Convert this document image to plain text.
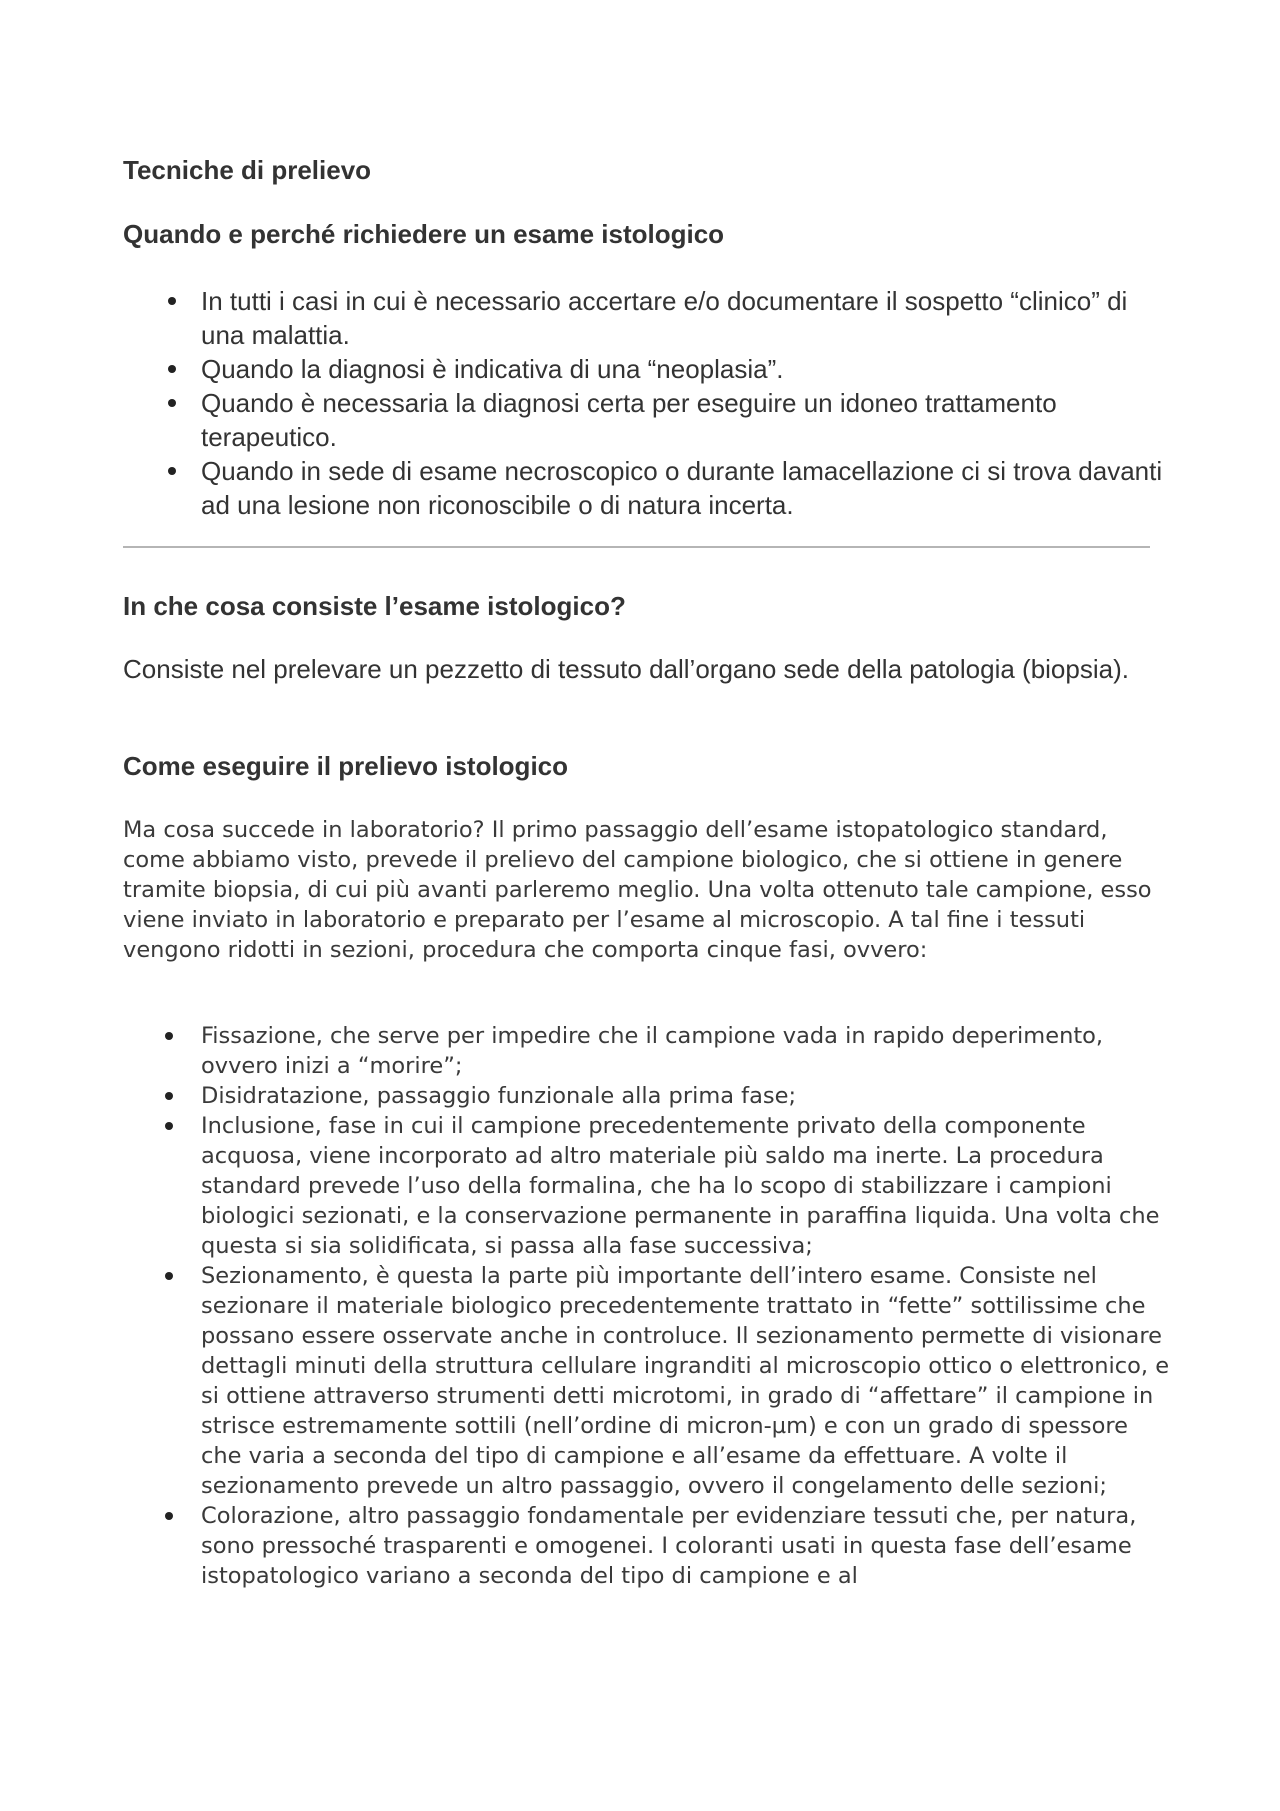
Tecniche di prelievo
Quando e perché richiedere un esame istologico
In tutti i casi in cui è necessario accertare e/o documentare il sospetto “clinico” di una malattia.
Quando la diagnosi è indicativa di una “neoplasia”.
Quando è necessaria la diagnosi certa per eseguire un idoneo trattamento terapeutico.
Quando in sede di esame necroscopico o durante lamacellazione ci si trova davanti ad una lesione non riconoscibile o di natura incerta.
In che cosa consiste l’esame istologico?

Consiste nel prelevare un pezzetto di tessuto dall’organo sede della patologia (biopsia).

Come eseguire il prelievo istologico

Ma cosa succede in laboratorio? Il primo passaggio dell’esame istopatologico standard, come abbiamo visto, prevede il prelievo del campione biologico, che si ottiene in genere tramite biopsia, di cui più avanti parleremo meglio. Una volta ottenuto tale campione, esso viene inviato in laboratorio e preparato per l’esame al microscopio. A tal fine i tessuti vengono ridotti in sezioni, procedura che comporta cinque fasi, ovvero:

Fissazione, che serve per impedire che il campione vada in rapido deperimento, ovvero inizi a “morire”;
Disidratazione, passaggio funzionale alla prima fase;
Inclusione, fase in cui il campione precedentemente privato della componente acquosa, viene incorporato ad altro materiale più saldo ma inerte. La procedura standard prevede l’uso della formalina, che ha lo scopo di stabilizzare i campioni biologici sezionati, e la conservazione permanente in paraffina liquida. Una volta che questa si sia solidificata, si passa alla fase successiva;
Sezionamento, è questa la parte più importante dell’intero esame. Consiste nel sezionare il materiale biologico precedentemente trattato in “fette” sottilissime che possano essere osservate anche in controluce. Il sezionamento permette di visionare dettagli minuti della struttura cellulare ingranditi al microscopio ottico o elettronico, e si ottiene attraverso strumenti detti microtomi, in grado di “affettare” il campione in strisce estremamente sottili (nell’ordine di micron-µm) e con un grado di spessore che varia a seconda del tipo di campione e all’esame da effettuare. A volte il sezionamento prevede un altro passaggio, ovvero il congelamento delle sezioni;
Colorazione, altro passaggio fondamentale per evidenziare tessuti che, per natura, sono pressoché trasparenti e omogenei. I coloranti usati in questa fase dell’esame istopatologico variano a seconda del tipo di campione e al
